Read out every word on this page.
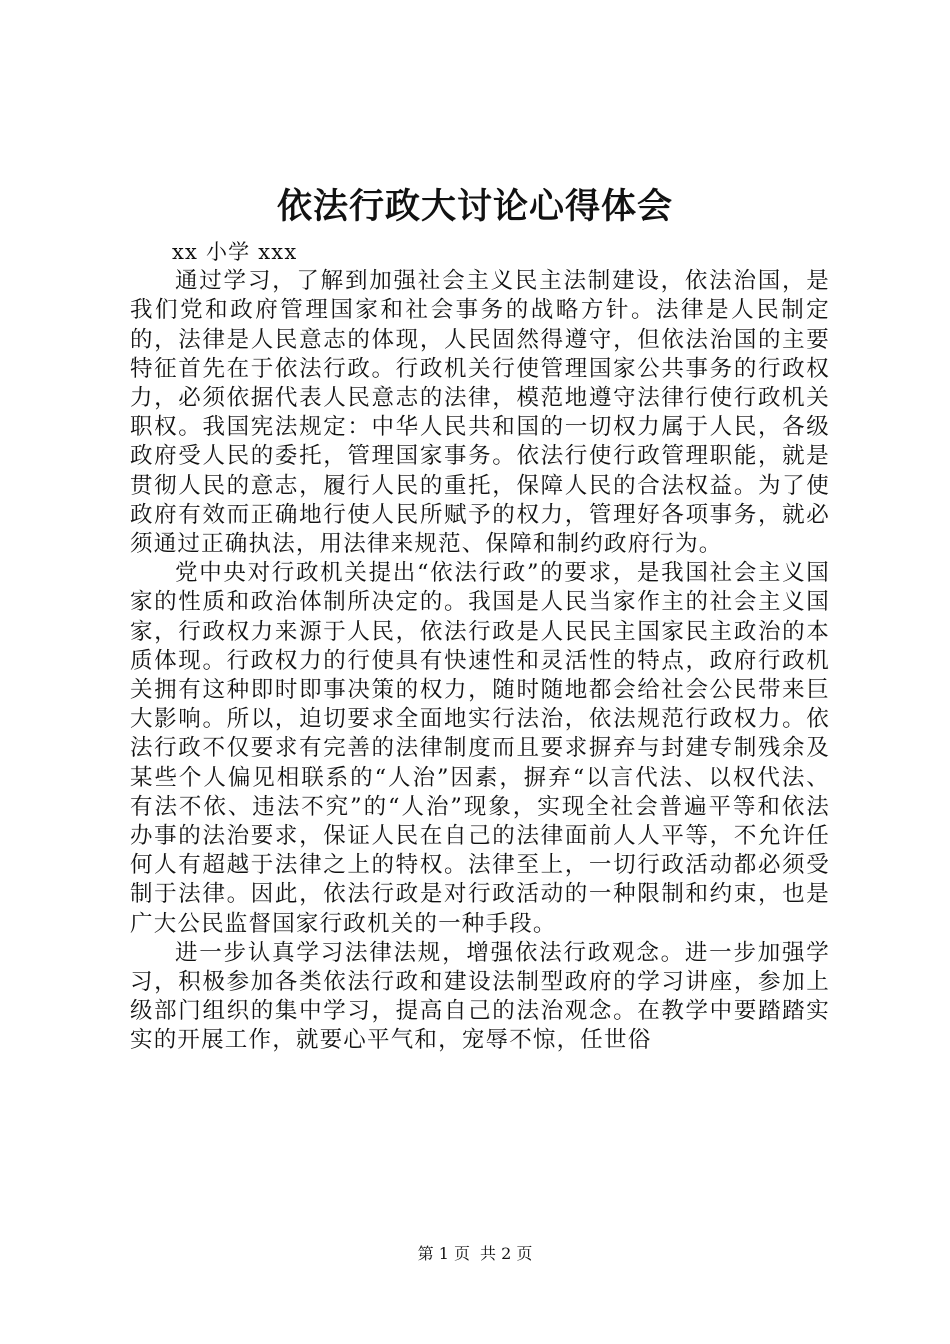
依法行政大讨论心得体会

xx 小学 xxx

通过学习，了解到加强社会主义民主法制建设，依法治国，是我们党和政府管理国家和社会事务的战略方针。法律是人民制定的，法律是人民意志的体现，人民固然得遵守，但依法治国的主要特征首先在于依法行政。行政机关行使管理国家公共事务的行政权力，必须依据代表人民意志的法律，模范地遵守法律行使行政机关职权。我国宪法规定：中华人民共和国的一切权力属于人民，各级政府受人民的委托，管理国家事务。依法行使行政管理职能，就是贯彻人民的意志，履行人民的重托，保障人民的合法权益。为了使政府有效而正确地行使人民所赋予的权力，管理好各项事务，就必须通过正确执法，用法律来规范、保障和制约政府行为。

党中央对行政机关提出“依法行政”的要求，是我国社会主义国家的性质和政治体制所决定的。我国是人民当家作主的社会主义国家，行政权力来源于人民，依法行政是人民民主国家民主政治的本质体现。行政权力的行使具有快速性和灵活性的特点，政府行政机关拥有这种即时即事决策的权力，随时随地都会给社会公民带来巨大影响。所以，迫切要求全面地实行法治，依法规范行政权力。依法行政不仅要求有完善的法律制度而且要求摒弃与封建专制残余及某些个人偏见相联系的“人治”因素，摒弃“以言代法、以权代法、有法不依、违法不究”的“人治”现象，实现全社会普遍平等和依法办事的法治要求，保证人民在自己的法律面前人人平等，不允许任何人有超越于法律之上的特权。法律至上，一切行政活动都必须受制于法律。因此，依法行政是对行政活动的一种限制和约束，也是广大公民监督国家行政机关的一种手段。

进一步认真学习法律法规，增强依法行政观念。进一步加强学习，积极参加各类依法行政和建设法制型政府的学习讲座，参加上级部门组织的集中学习，提高自己的法治观念。在教学中要踏踏实实的开展工作，就要心平气和，宠辱不惊，任世俗

第 1 页 共 2 页
